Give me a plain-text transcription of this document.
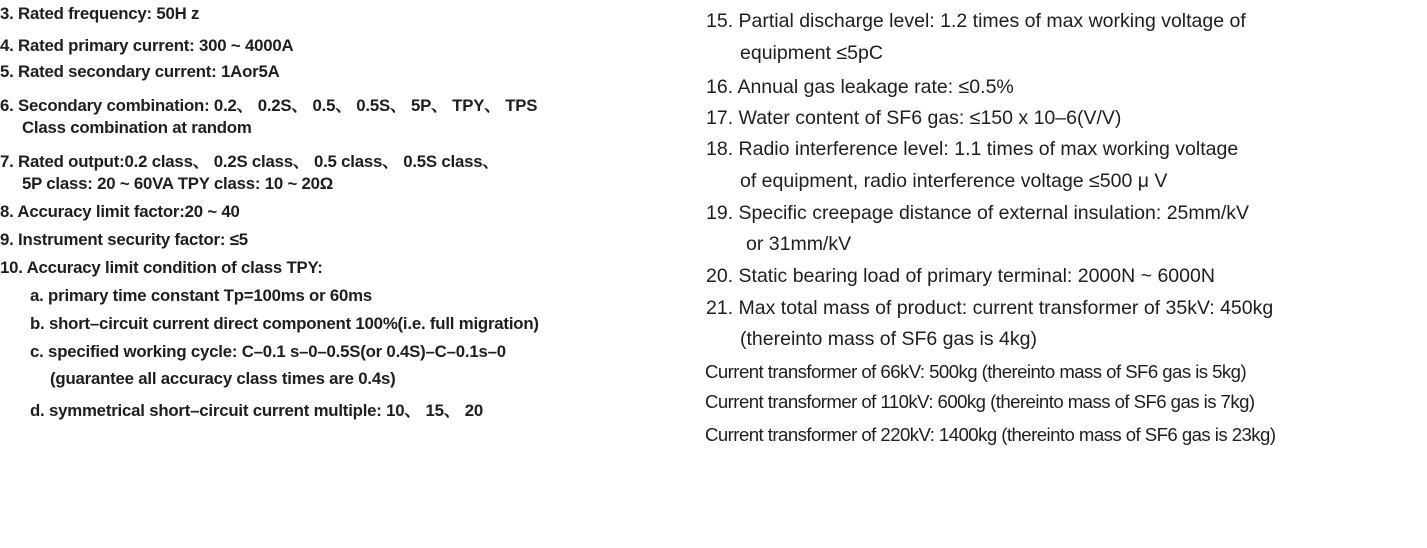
3. Rated frequency: 50H z
4. Rated primary current: 300 ~ 4000A
5. Rated secondary current: 1Aor5A
6. Secondary combination: 0.2、 0.2S、 0.5、 0.5S、 5P、 TPY、 TPS
Class combination at random
7. Rated output:0.2 class、 0.2S class、 0.5 class、 0.5S class、
5P class: 20 ~ 60VA TPY class: 10 ~ 20Ω
8. Accuracy limit factor:20 ~ 40
9. Instrument security factor: ≤5
10. Accuracy limit condition of class TPY:
a. primary time constant Tp=100ms or 60ms
b. short–circuit current direct component 100%(i.e. full migration)
c. specified working cycle: C–0.1 s–0–0.5S(or 0.4S)–C–0.1s–0
(guarantee all accuracy class times are 0.4s)
d. symmetrical short–circuit current multiple: 10、 15、 20
15. Partial discharge level: 1.2 times of max working voltage of
equipment ≤5pC
16. Annual gas leakage rate: ≤0.5%
17. Water content of SF6 gas: ≤150 x 10–6(V/V)
18. Radio interference level: 1.1 times of max working voltage
of equipment, radio interference voltage ≤500 μ V
19. Specific creepage distance of external insulation: 25mm/kV
or 31mm/kV
20. Static bearing load of primary terminal: 2000N ~ 6000N
21. Max total mass of product: current transformer of 35kV: 450kg
(thereinto mass of SF6 gas is 4kg)
Current transformer of 66kV: 500kg (thereinto mass of SF6 gas is 5kg)
Current transformer of 110kV: 600kg (thereinto mass of SF6 gas is 7kg)
Current transformer of 220kV: 1400kg (thereinto mass of SF6 gas is 23kg)
